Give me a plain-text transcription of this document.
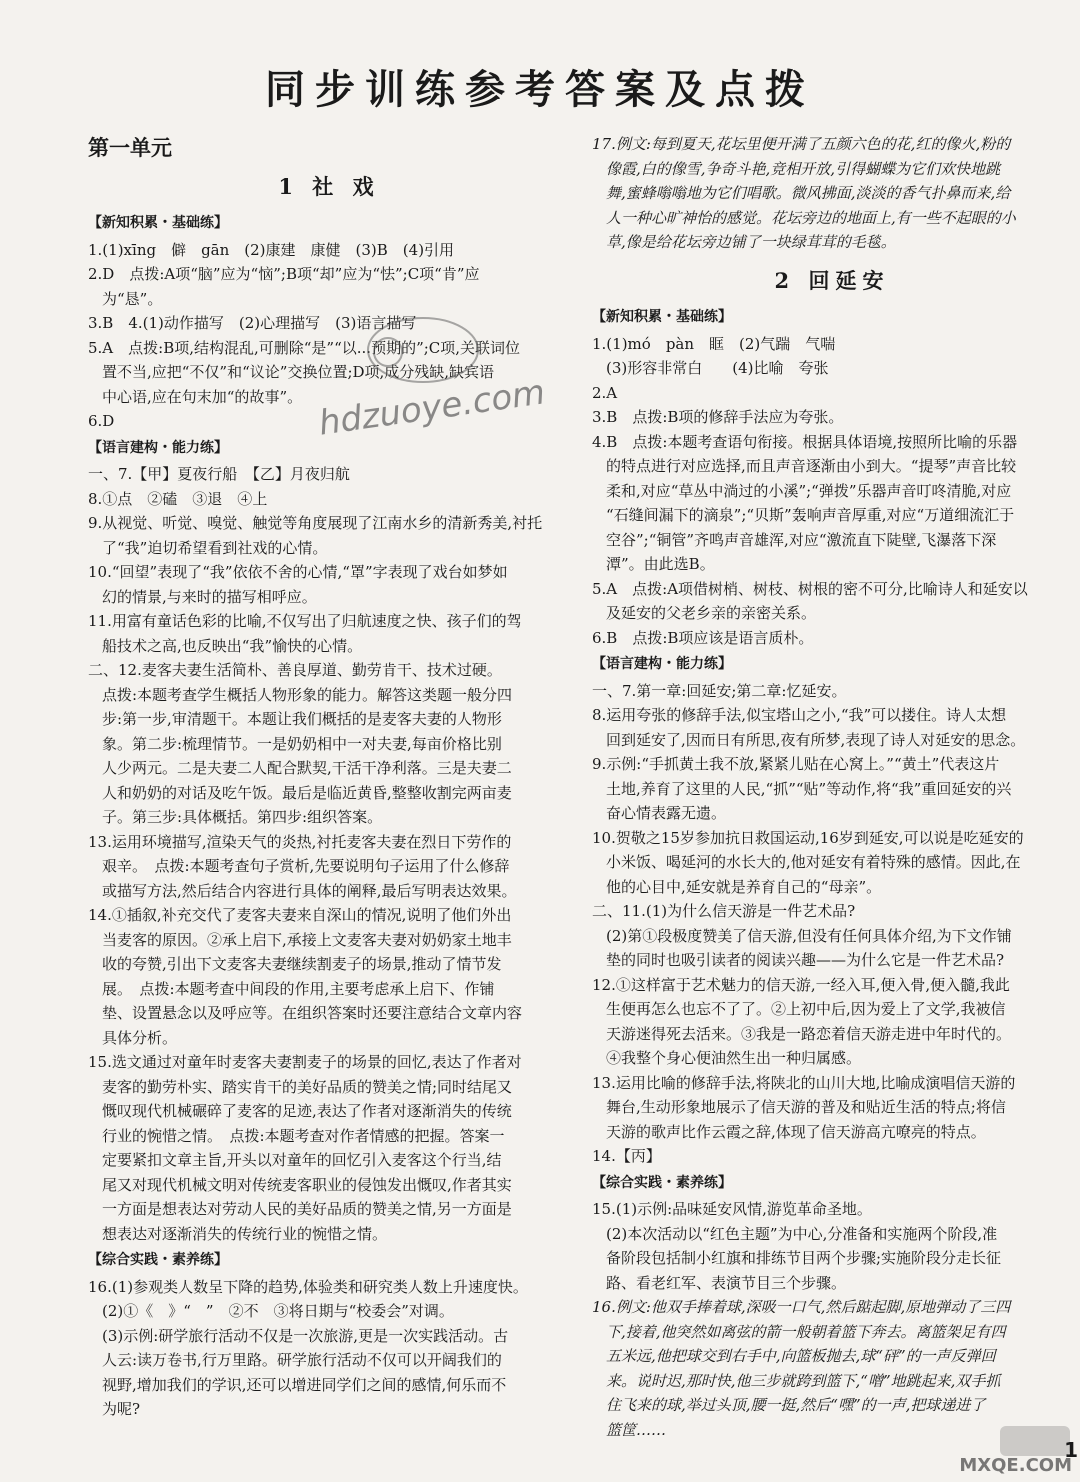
同步训练参考答案及点拨
第一单元
1 社 戏
【新知积累・基础练】
1.(1)xīng　僻　gān　(2)康建　康健　(3)B　(4)引用
2.D　点拨:A项“脑”应为“恼”;B项“却”应为“怯”;C项“肯”应
为“恳”。
3.B　4.(1)动作描写　(2)心理描写　(3)语言描写
5.A　点拨:B项,结构混乱,可删除“是”“以...预期的”;C项,关联词位
置不当,应把“不仅”和“议论”交换位置;D项,成分残缺,缺宾语
中心语,应在句末加“的故事”。
6.D
【语言建构・能力练】
一、7.【甲】夏夜行船　【乙】月夜归航
8.①点　②磕　③退　④上
9.从视觉、听觉、嗅觉、触觉等角度展现了江南水乡的清新秀美,衬托
了“我”迫切希望看到社戏的心情。
10.“回望”表现了“我”依依不舍的心情,“罩”字表现了戏台如梦如
幻的情景,与来时的描写相呼应。
11.用富有童话色彩的比喻,不仅写出了归航速度之快、孩子们的驾
船技术之高,也反映出“我”愉快的心情。
二、12.麦客夫妻生活简朴、善良厚道、勤劳肯干、技术过硬。
点拨:本题考查学生概括人物形象的能力。解答这类题一般分四
步:第一步,审清题干。本题让我们概括的是麦客夫妻的人物形
象。第二步:梳理情节。一是奶奶相中一对夫妻,每亩价格比别
人少两元。二是夫妻二人配合默契,干活干净利落。三是夫妻二
人和奶奶的对话及吃午饭。最后是临近黄昏,整整收割完两亩麦
子。第三步:具体概括。第四步:组织答案。
13.运用环境描写,渲染天气的炎热,衬托麦客夫妻在烈日下劳作的
艰辛。　点拨:本题考查句子赏析,先要说明句子运用了什么修辞
或描写方法,然后结合内容进行具体的阐释,最后写明表达效果。
14.①插叙,补充交代了麦客夫妻来自深山的情况,说明了他们外出
当麦客的原因。②承上启下,承接上文麦客夫妻对奶奶家土地丰
收的夸赞,引出下文麦客夫妻继续割麦子的场景,推动了情节发
展。　点拨:本题考查中间段的作用,主要考虑承上启下、作铺
垫、设置悬念以及呼应等。在组织答案时还要注意结合文章内容
具体分析。
15.选文通过对童年时麦客夫妻割麦子的场景的回忆,表达了作者对
麦客的勤劳朴实、踏实肯干的美好品质的赞美之情;同时结尾又
慨叹现代机械碾碎了麦客的足迹,表达了作者对逐渐消失的传统
行业的惋惜之情。　点拨:本题考查对作者情感的把握。答案一
定要紧扣文章主旨,开头以对童年的回忆引入麦客这个行当,结
尾又对现代机械文明对传统麦客职业的侵蚀发出慨叹,作者其实
一方面是想表达对劳动人民的美好品质的赞美之情,另一方面是
想表达对逐渐消失的传统行业的惋惜之情。
【综合实践・素养练】
16.(1)参观类人数呈下降的趋势,体验类和研究类人数上升速度快。
(2)①《　》“　”　②不　③将日期与“校委会”对调。
(3)示例:研学旅行活动不仅是一次旅游,更是一次实践活动。古
人云:读万卷书,行万里路。研学旅行活动不仅可以开阔我们的
视野,增加我们的学识,还可以增进同学们之间的感情,何乐而不
为呢?
17.例文:每到夏天,花坛里便开满了五颜六色的花,红的像火,粉的
像霞,白的像雪,争奇斗艳,竞相开放,引得蝴蝶为它们欢快地跳
舞,蜜蜂嗡嗡地为它们唱歌。微风拂面,淡淡的香气扑鼻而来,给
人一种心旷神怡的感觉。花坛旁边的地面上,有一些不起眼的小
草,像是给花坛旁边铺了一块绿茸茸的毛毯。
2 回延安
【新知积累・基础练】
1.(1)mó　pàn　眶　(2)气踹　气喘
(3)形容非常白　　(4)比喻　夸张
2.A
3.B　点拨:B项的修辞手法应为夸张。
4.B　点拨:本题考查语句衔接。根据具体语境,按照所比喻的乐器
的特点进行对应选择,而且声音逐渐由小到大。“提琴”声音比较
柔和,对应“草丛中淌过的小溪”;“弹拨”乐器声音叮咚清脆,对应
“石缝间漏下的滴泉”;“贝斯”轰响声音厚重,对应“万道细流汇于
空谷”;“铜管”齐鸣声音雄浑,对应“激流直下陡壁,飞瀑落下深
潭”。由此选B。
5.A　点拨:A项借树梢、树枝、树根的密不可分,比喻诗人和延安以
及延安的父老乡亲的亲密关系。
6.B　点拨:B项应该是语言质朴。
【语言建构・能力练】
一、7.第一章:回延安;第二章:忆延安。
8.运用夸张的修辞手法,似宝塔山之小,“我”可以搂住。诗人太想
回到延安了,因而日有所思,夜有所梦,表现了诗人对延安的思念。
9.示例:“手抓黄土我不放,紧紧儿贴在心窝上。”“黄土”代表这片
土地,养育了这里的人民,“抓”“贴”等动作,将“我”重回延安的兴
奋心情表露无遗。
10.贺敬之15岁参加抗日救国运动,16岁到延安,可以说是吃延安的
小米饭、喝延河的水长大的,他对延安有着特殊的感情。因此,在
他的心目中,延安就是养育自己的“母亲”。
二、11.(1)为什么信天游是一件艺术品?
(2)第①段极度赞美了信天游,但没有任何具体介绍,为下文作铺
垫的同时也吸引读者的阅读兴趣——为什么它是一件艺术品?
12.①这样富于艺术魅力的信天游,一经入耳,便入骨,便入髓,我此
生便再怎么也忘不了了。②上初中后,因为爱上了文学,我被信
天游迷得死去活来。③我是一路恋着信天游走进中年时代的。
④我整个身心便油然生出一种归属感。
13.运用比喻的修辞手法,将陕北的山川大地,比喻成演唱信天游的
舞台,生动形象地展示了信天游的普及和贴近生活的特点;将信
天游的歌声比作云霞之辞,体现了信天游高亢嘹亮的特点。
14.【丙】
【综合实践・素养练】
15.(1)示例:品味延安风情,游览革命圣地。
(2)本次活动以“红色主题”为中心,分准备和实施两个阶段,准
备阶段包括制小红旗和排练节目两个步骤;实施阶段分走长征
路、看老红军、表演节目三个步骤。
16.例文:他双手捧着球,深吸一口气,然后踮起脚,原地弹动了三四
下,接着,他突然如离弦的箭一般朝着篮下奔去。离篮架足有四
五米远,他把球交到右手中,向篮板抛去,球“砰”的一声反弹回
来。说时迟,那时快,他三步就跨到篮下,“噌”地跳起来,双手抓
住飞来的球,举过头顶,腰一挺,然后“嘿”的一声,把球递进了
篮筐……
hdzuoye.com
MXQE.COM
1
